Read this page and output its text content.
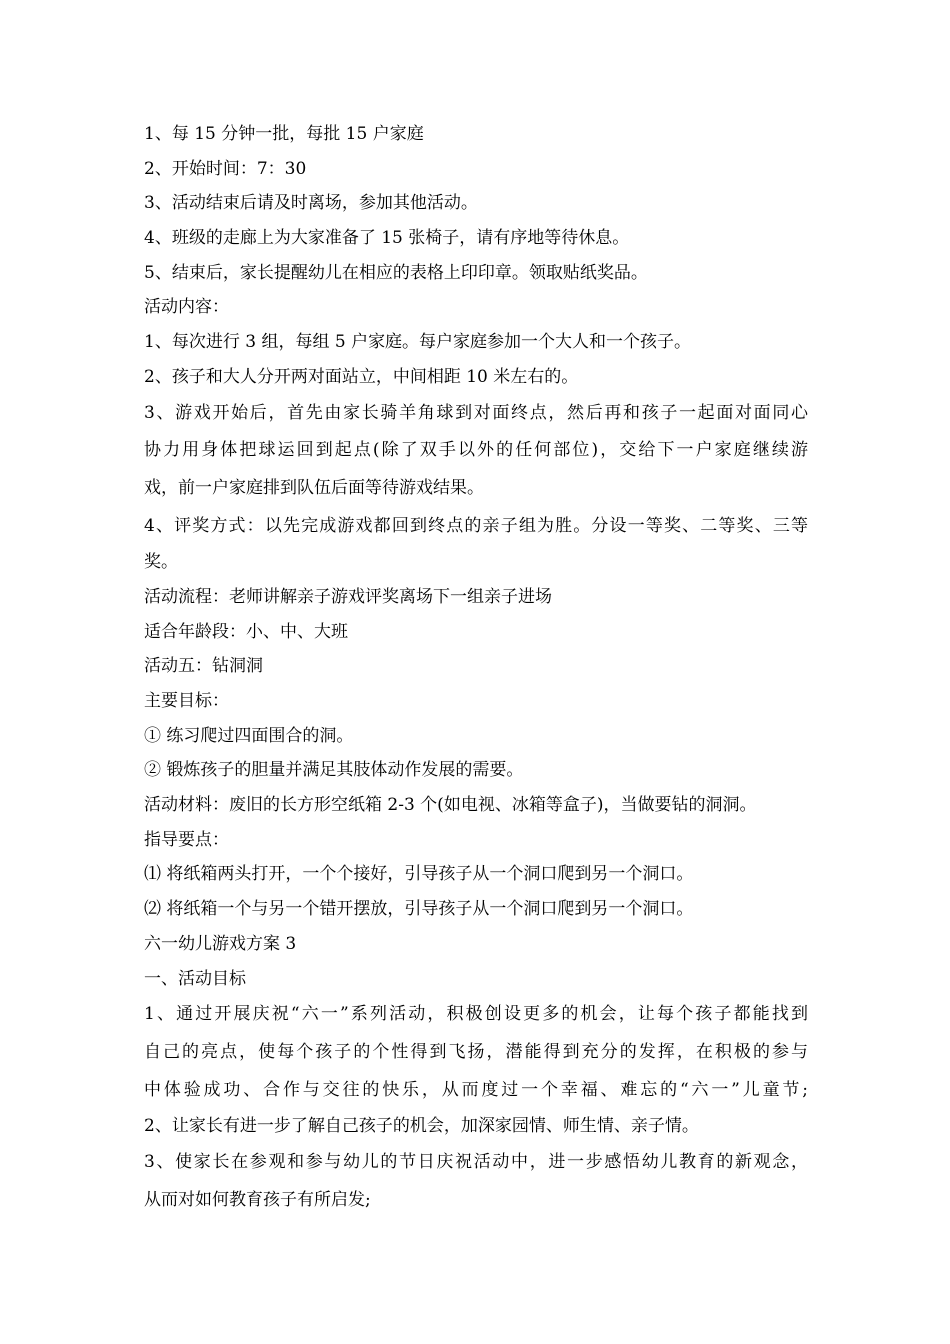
1、每 15 分钟一批，每批 15 户家庭
2、开始时间：7：30
3、活动结束后请及时离场，参加其他活动。
4、班级的走廊上为大家准备了 15 张椅子，请有序地等待休息。
5、结束后，家长提醒幼儿在相应的表格上印印章。领取贴纸奖品。
活动内容：
1、每次进行 3 组，每组 5 户家庭。每户家庭参加一个大人和一个孩子。
2、孩子和大人分开两对面站立，中间相距 10 米左右的。
3、游戏开始后，首先由家长骑羊角球到对面终点，然后再和孩子一起面对面同心
协力用身体把球运回到起点(除了双手以外的任何部位)，交给下一户家庭继续游
戏，前一户家庭排到队伍后面等待游戏结果。
4、评奖方式：以先完成游戏都回到终点的亲子组为胜。分设一等奖、二等奖、三等
奖。
活动流程：老师讲解亲子游戏评奖离场下一组亲子进场
适合年龄段：小、中、大班
活动五：钻洞洞
主要目标：
① 练习爬过四面围合的洞。
② 锻炼孩子的胆量并满足其肢体动作发展的需要。
活动材料：废旧的长方形空纸箱 2-3 个(如电视、冰箱等盒子)，当做要钻的洞洞。
指导要点：
⑴ 将纸箱两头打开，一个个接好，引导孩子从一个洞口爬到另一个洞口。
⑵ 将纸箱一个与另一个错开摆放，引导孩子从一个洞口爬到另一个洞口。
六一幼儿游戏方案 3
一、活动目标
1、通过开展庆祝“六一”系列活动，积极创设更多的机会，让每个孩子都能找到
自己的亮点，使每个孩子的个性得到飞扬，潜能得到充分的发挥，在积极的参与
中体验成功、合作与交往的快乐，从而度过一个幸福、难忘的“六一”儿童节;
2、让家长有进一步了解自己孩子的机会，加深家园情、师生情、亲子情。
3、使家长在参观和参与幼儿的节日庆祝活动中，进一步感悟幼儿教育的新观念，
从而对如何教育孩子有所启发;
